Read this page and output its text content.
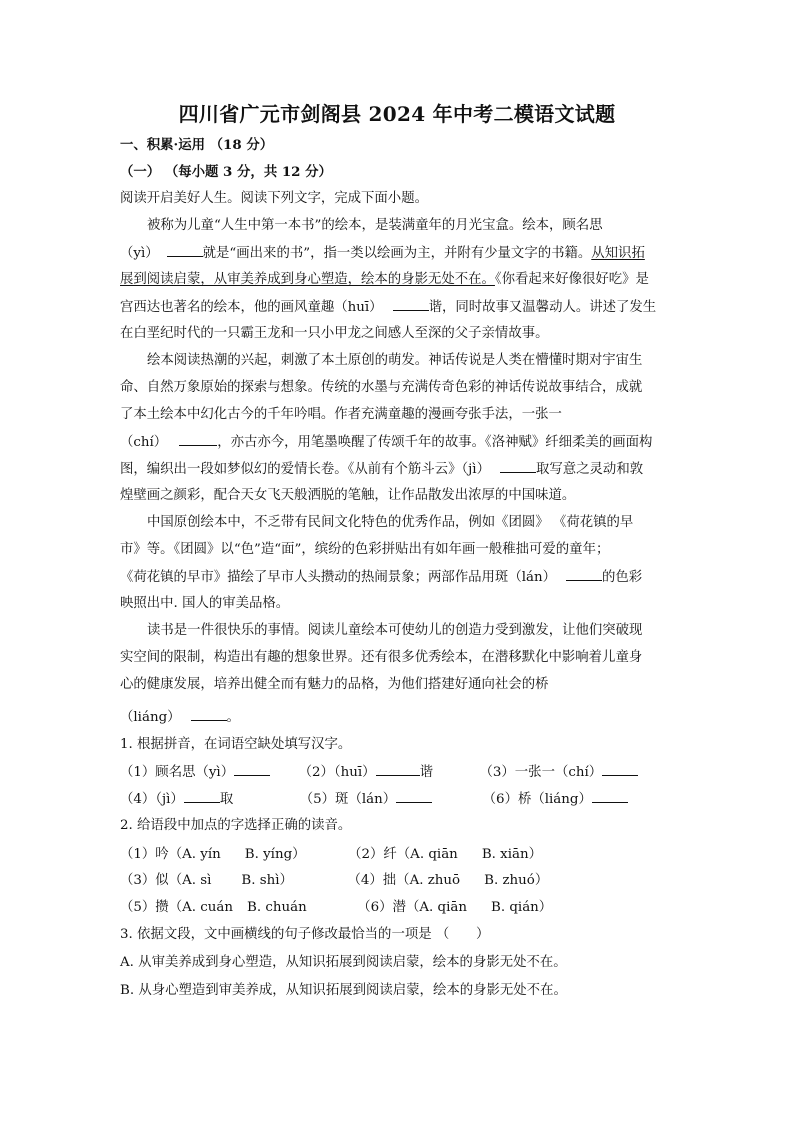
四川省广元市剑阁县 2024 年中考二模语文试题
一、积累·运用 （18 分）
（一） （每小题 3 分，共 12 分）
阅读开启美好人生。阅读下列文字，完成下面小题。
被称为儿童“人生中第一本书”的绘本，是装满童年的月光宝盒。绘本，顾名思
（yì）	就是“画出来的书”，指一类以绘画为主，并附有少量文字的书籍。从知识拓
展到阅读启蒙，从审美养成到身心塑造，绘本的身影无处不在。《你看起来好像很好吃》是
宫西达也著名的绘本，他的画风童趣（huī）	谐，同时故事又温馨动人。讲述了发生
在白垩纪时代的一只霸王龙和一只小甲龙之间感人至深的父子亲情故事。
绘本阅读热潮的兴起，刺激了本土原创的萌发。神话传说是人类在懵懂时期对宇宙生
命、自然万象原始的探索与想象。传统的水墨与充满传奇色彩的神话传说故事结合，成就
了本土绘本中幻化古今的千年吟唱。作者充满童趣的漫画夸张手法，一张一
（chí）	，亦古亦今，用笔墨唤醒了传颂千年的故事。《洛神赋》纤细柔美的画面构
图，编织出一段如梦似幻的爱情长卷。《从前有个筋斗云》（jì）	取写意之灵动和敦
煌壁画之颜彩，配合天女飞天般洒脱的笔触，让作品散发出浓厚的中国味道。
中国原创绘本中，不乏带有民间文化特色的优秀作品，例如《团圆》 《荷花镇的早
市》等。《团圆》以“色”造“面”，缤纷的色彩拼贴出有如年画一般稚拙可爱的童年；
《荷花镇的早市》描绘了早市人头攒动的热闹景象；两部作品用斑（lán）	的色彩
映照出中. 国人的审美品格。
读书是一件很快乐的事情。阅读儿童绘本可使幼儿的创造力受到激发，让他们突破现
实空间的限制，构造出有趣的想象世界。还有很多优秀绘本，在潜移默化中影响着儿童身
心的健康发展，培养出健全而有魅力的品格，为他们搭建好通向社会的桥
（liáng）	。
1. 根据拼音，在词语空缺处填写汉字。
（1）顾名思（yì）	（2）（huī）	谐	（3）一张一（chí）
（4）（jì）	取	（5）斑（lán）	（6）桥（liáng）
2. 给语段中加点的字选择正确的读音。
（1）吟（A. yín B. yíng）	（2）纤（A. qiān B. xiān）
（3）似（A. sì B. shì）	（4）拙（A. zhuō B. zhuó）
（5）攒（A. cuán B. chuán	（6）潜（A. qiān B. qián）
3. 依据文段，文中画横线的句子修改最恰当的一项是 （　　）
A. 从审美养成到身心塑造，从知识拓展到阅读启蒙，绘本的身影无处不在。
B. 从身心塑造到审美养成，从知识拓展到阅读启蒙，绘本的身影无处不在。
